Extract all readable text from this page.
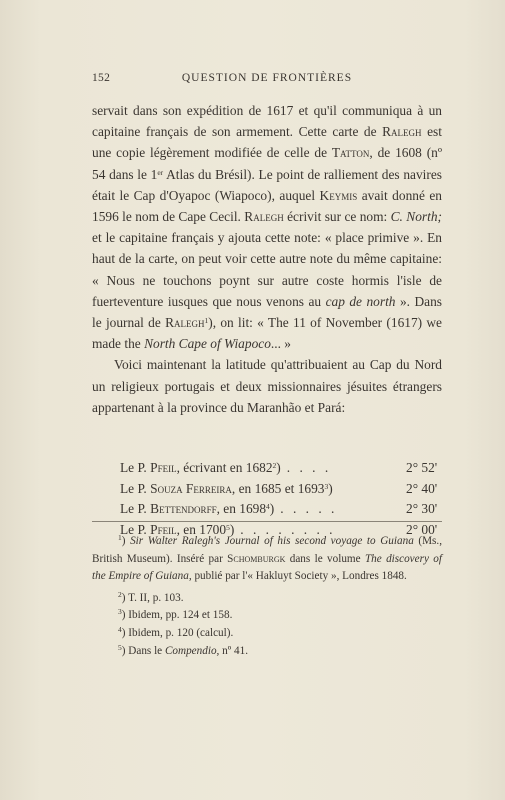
152	QUESTION DE FRONTIÈRES

servait dans son expédition de 1617 et qu'il communiqua à un capitaine français de son armement. Cette carte de Ralegh est une copie légèrement modifiée de celle de Tatton, de 1608 (nº 54 dans le 1er Atlas du Brésil). Le point de ralliement des navires était le Cap d'Oyapoc (Wiapoco), auquel Keymis avait donné en 1596 le nom de Cape Cecil. Ralegh écrivit sur ce nom: C. North; et le capitaine français y ajouta cette note: « place primive ». En haut de la carte, on peut voir cette autre note du même capitaine: « Nous ne touchons poynt sur autre coste hormis l'isle de fuerteventure iusques que nous venons au cap de north ». Dans le journal de Ralegh$^1$), on lit: « The 11 of November (1617) we made the North Cape of Wiapoco... »

Voici maintenant la latitude qu'attribuaient au Cap du Nord un religieux portugais et deux missionnaires jésuites étrangers appartenant à la province du Maranhão et Pará:

Le P. Pfeil, écrivant en 1682$^2$) . . . .	2° 52'
Le P. Souza Ferreira, en 1685 et 1693$^3$)	2° 40'
Le P. Bettendorff, en 1698$^4$) . . . . .	2° 30'
Le P. Pfeil, en 1700$^5$) . . . . . . . .	2° 00'

$^1$) Sir Walter Ralegh's Journal of his second voyage to Guiana (Ms., British Museum). Inséré par Schomburgk dans le volume The discovery of the Empire of Guiana, publié par l'« Hakluyt Society », Londres 1848.

$^2$) T. II, p. 103.

$^3$) Ibidem, pp. 124 et 158.

$^4$) Ibidem, p. 120 (calcul).

$^5$) Dans le Compendio, nº 41.
